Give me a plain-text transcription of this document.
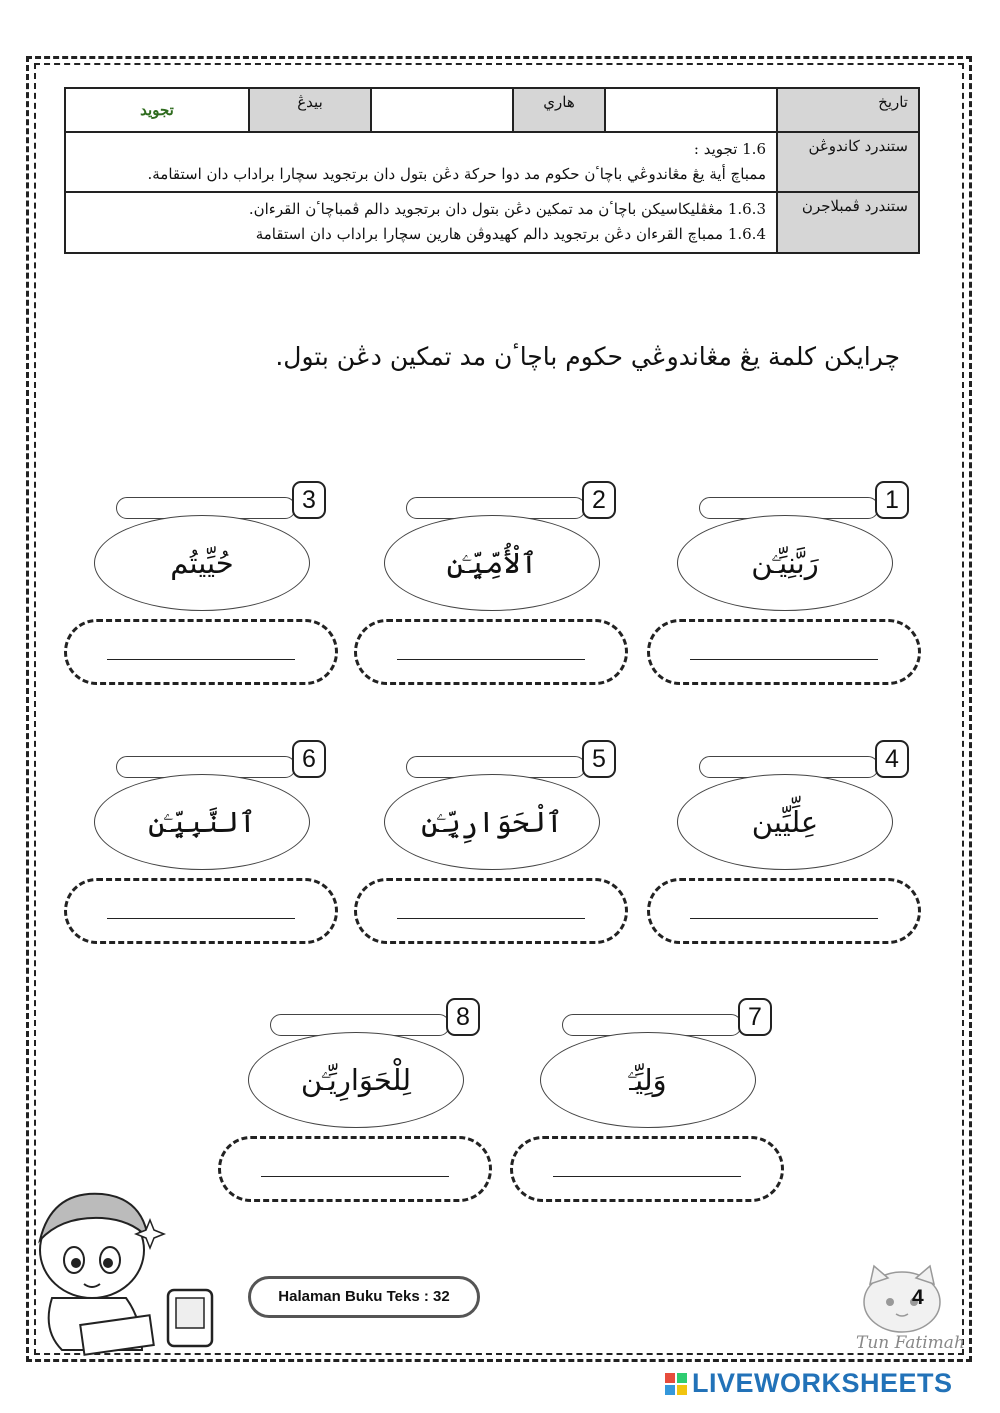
تاريخ		هاري		بيدڠ	تجويد
ستندرد كاندوڠن	1.6 تجويد :
ممباچ أية يڠ مڠاندوڠي باچاٴن حكوم مد دوا حركة دڠن بتول دان برتجويد سچارا براداب دان استقامة.				

ستندرد ڤمبلاجرن	1.6.3 مڠڤليكاسيكن باچاٴن مد تمكين دڠن بتول دان برتجويد دالم ڤمباچاٴن القرءان.
1.6.4 ممباچ القرءان دڠن برتجويد دالم كهيدوڤن هارين سچارا براداب دان استقامة				
چرايكن كلمة يڠ مڠاندوڠي حكوم باچاٴن مد تمكين دڠن بتول.
رَبَّنِيِّـۧن
1
ٱلْأُمِّيِّـۧن
2
حُيِّيتُم
3
عِلِّيِّين
4
ٱلْحَوَارِيِّـۧن
5
ٱلنَّبِيِّـۧن
6
وَلِيِّـۧ
7
لِلْحَوَارِيِّـۧن
8
Halaman Buku Teks : 32
Tun Fatimah
4
LIVEWORKSHEETS
